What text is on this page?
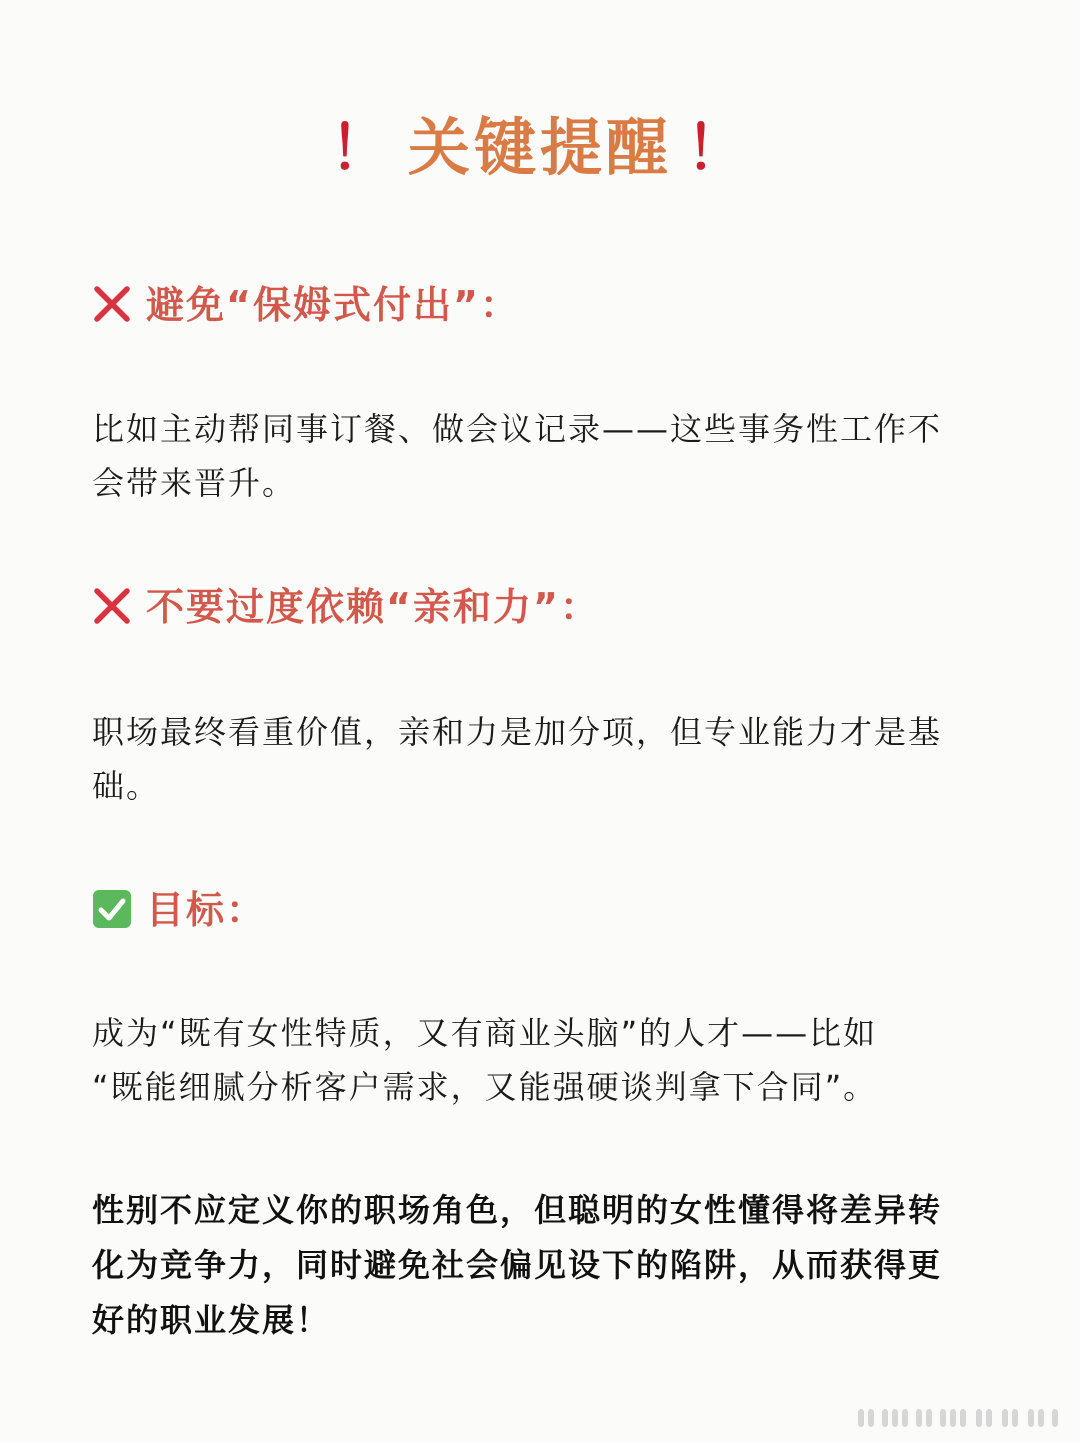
！ 关键提醒 ！
避免“保姆式付出”：
比如主动帮同事订餐、做会议记录——这些事务性工作不
会带来晋升。
不要过度依赖“亲和力”：
职场最终看重价值，亲和力是加分项，但专业能力才是基
础。
目标：
成为“既有女性特质，又有商业头脑”的人才——比如
“既能细腻分析客户需求，又能强硬谈判拿下合同”。
性别不应定义你的职场角色，但聪明的女性懂得将差异转
化为竞争力，同时避免社会偏见设下的陷阱，从而获得更
好的职业发展！
